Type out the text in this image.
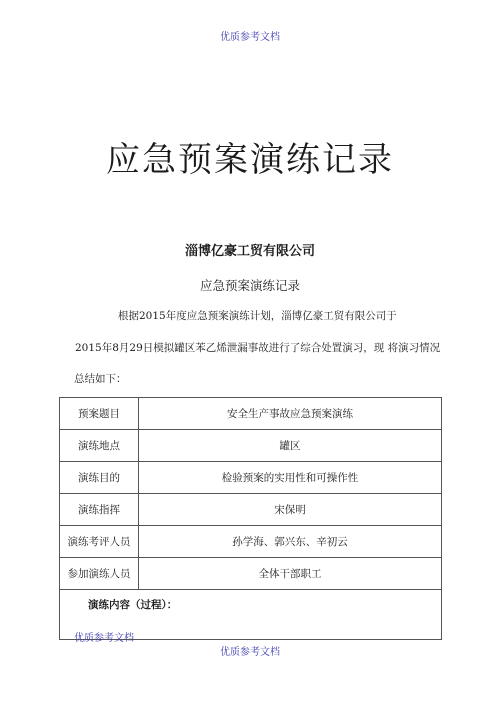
优质参考文档
应急预案演练记录
淄博亿豪工贸有限公司
应急预案演练记录
根据2015年度应急预案演练计划，淄博亿豪工贸有限公司于
2015年8月29日模拟罐区苯乙烯泄漏事故进行了综合处置演习，现 将演习情况
总结如下：
预案题目	安全生产事故应急预案演练
演练地点	罐区
演练目的	检验预案的实用性和可操作性
演练指挥	宋保明
演练考评人员	孙学海、郭兴东、辛初云
参加演练人员	全体干部职工
演练内容（过程）：	
优质参考文档
优质参考文档
